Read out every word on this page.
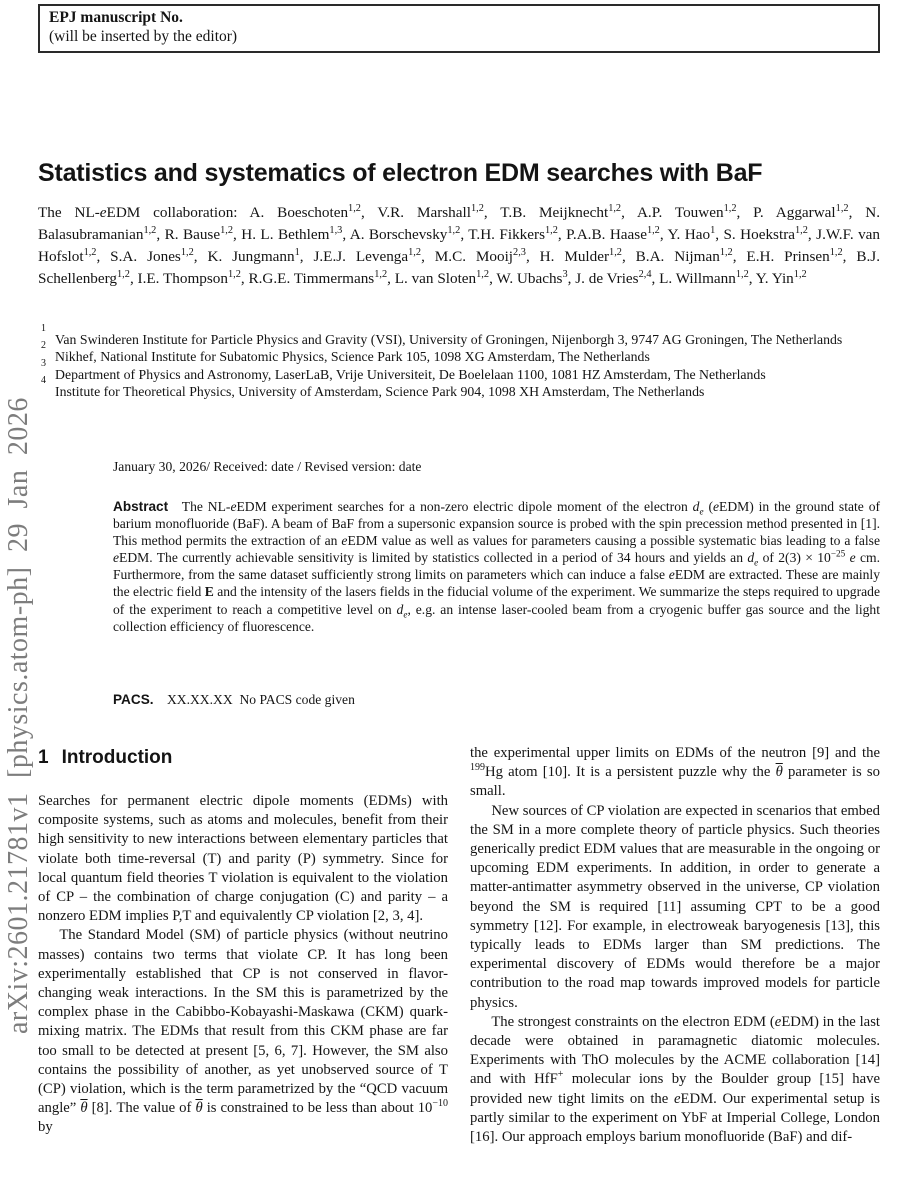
arXiv:2601.21781v1 [physics.atom-ph] 29 Jan 2026
EPJ manuscript No.
(will be inserted by the editor)
Statistics and systematics of electron EDM searches with BaF

The NL-eEDM collaboration: A. Boeschoten$^{1,2}$, V.R. Marshall$^{1,2}$, T.B. Meijknecht$^{1,2}$, A.P. Touwen$^{1,2}$, P. Aggarwal$^{1,2}$, N. Balasubramanian$^{1,2}$, R. Bause$^{1,2}$, H. L. Bethlem$^{1,3}$, A. Borschevsky$^{1,2}$, T.H. Fikkers$^{1,2}$, P.A.B. Haase$^{1,2}$, Y. Hao$^1$, S. Hoekstra$^{1,2}$, J.W.F. van Hofslot$^{1,2}$, S.A. Jones$^{1,2}$, K. Jungmann$^1$, J.E.J. Levenga$^{1,2}$, M.C. Mooij$^{2,3}$, H. Mulder$^{1,2}$, B.A. Nijman$^{1,2}$, E.H. Prinsen$^{1,2}$, B.J. Schellenberg$^{1,2}$, I.E. Thompson$^{1,2}$, R.G.E. Timmermans$^{1,2}$, L. van Sloten$^{1,2}$, W. Ubachs$^3$, J. de Vries$^{2,4}$, L. Willmann$^{1,2}$, Y. Yin$^{1,2}$

1
Van Swinderen Institute for Particle Physics and Gravity (VSI), University of Groningen, Nijenborgh 3, 9747 AG Groningen, The Netherlands
2
Nikhef, National Institute for Subatomic Physics, Science Park 105, 1098 XG Amsterdam, The Netherlands
3
Department of Physics and Astronomy, LaserLaB, Vrije Universiteit, De Boelelaan 1100, 1081 HZ Amsterdam, The Netherlands
4
Institute for Theoretical Physics, University of Amsterdam, Science Park 904, 1098 XH Amsterdam, The Netherlands
January 30, 2026/ Received: date / Revised version: date
Abstract The NL-eEDM experiment searches for a non-zero electric dipole moment of the electron $d_e$ (eEDM) in the ground state of barium monofluoride (BaF). A beam of BaF from a supersonic expansion source is probed with the spin precession method presented in [1]. This method permits the extraction of an eEDM value as well as values for parameters causing a possible systematic bias leading to a false eEDM. The currently achievable sensitivity is limited by statistics collected in a period of 34 hours and yields an $d_e$ of $2(3) \times 10^{-25}$ e cm. Furthermore, from the same dataset sufficiently strong limits on parameters which can induce a false eEDM are extracted. These are mainly the electric field E and the intensity of the lasers fields in the fiducial volume of the experiment. We summarize the steps required to upgrade of the experiment to reach a competitive level on $d_e$, e.g. an intense laser-cooled beam from a cryogenic buffer gas source and the light collection efficiency of fluorescence.
PACS. XX.XX.XX  No PACS code given
1 Introduction

Searches for permanent electric dipole moments (EDMs) with composite systems, such as atoms and molecules, benefit from their high sensitivity to new interactions between elementary particles that violate both time-reversal (T) and parity (P) symmetry. Since for local quantum field theories T violation is equivalent to the violation of CP – the combination of charge conjugation (C) and parity – a nonzero EDM implies P,T and equivalently CP violation [2, 3, 4].

The Standard Model (SM) of particle physics (without neutrino masses) contains two terms that violate CP. It has long been experimentally established that CP is not conserved in flavor-changing weak interactions. In the SM this is parametrized by the complex phase in the Cabibbo-Kobayashi-Maskawa (CKM) quark-mixing matrix. The EDMs that result from this CKM phase are far too small to be detected at present [5, 6, 7]. However, the SM also contains the possibility of another, as yet unobserved source of T (CP) violation, which is the term parametrized by the “QCD vacuum angle” $\overline{\theta}$ [8]. The value of $\overline{\theta}$ is constrained to be less than about $10^{-10}$ by

the experimental upper limits on EDMs of the neutron [9] and the $^{199}$Hg atom [10]. It is a persistent puzzle why the $\overline{\theta}$ parameter is so small.

New sources of CP violation are expected in scenarios that embed the SM in a more complete theory of particle physics. Such theories generically predict EDM values that are measurable in the ongoing or upcoming EDM experiments. In addition, in order to generate a matter-antimatter asymmetry observed in the universe, CP violation beyond the SM is required [11] assuming CPT to be a good symmetry [12]. For example, in electroweak baryogenesis [13], this typically leads to EDMs larger than SM predictions. The experimental discovery of EDMs would therefore be a major contribution to the road map towards improved models for particle physics.

The strongest constraints on the electron EDM (eEDM) in the last decade were obtained in paramagnetic diatomic molecules. Experiments with ThO molecules by the ACME collaboration [14] and with HfF+ molecular ions by the Boulder group [15] have provided new tight limits on the eEDM. Our experimental setup is partly similar to the experiment on YbF at Imperial College, London [16]. Our approach employs barium monofluoride (BaF) and dif-
